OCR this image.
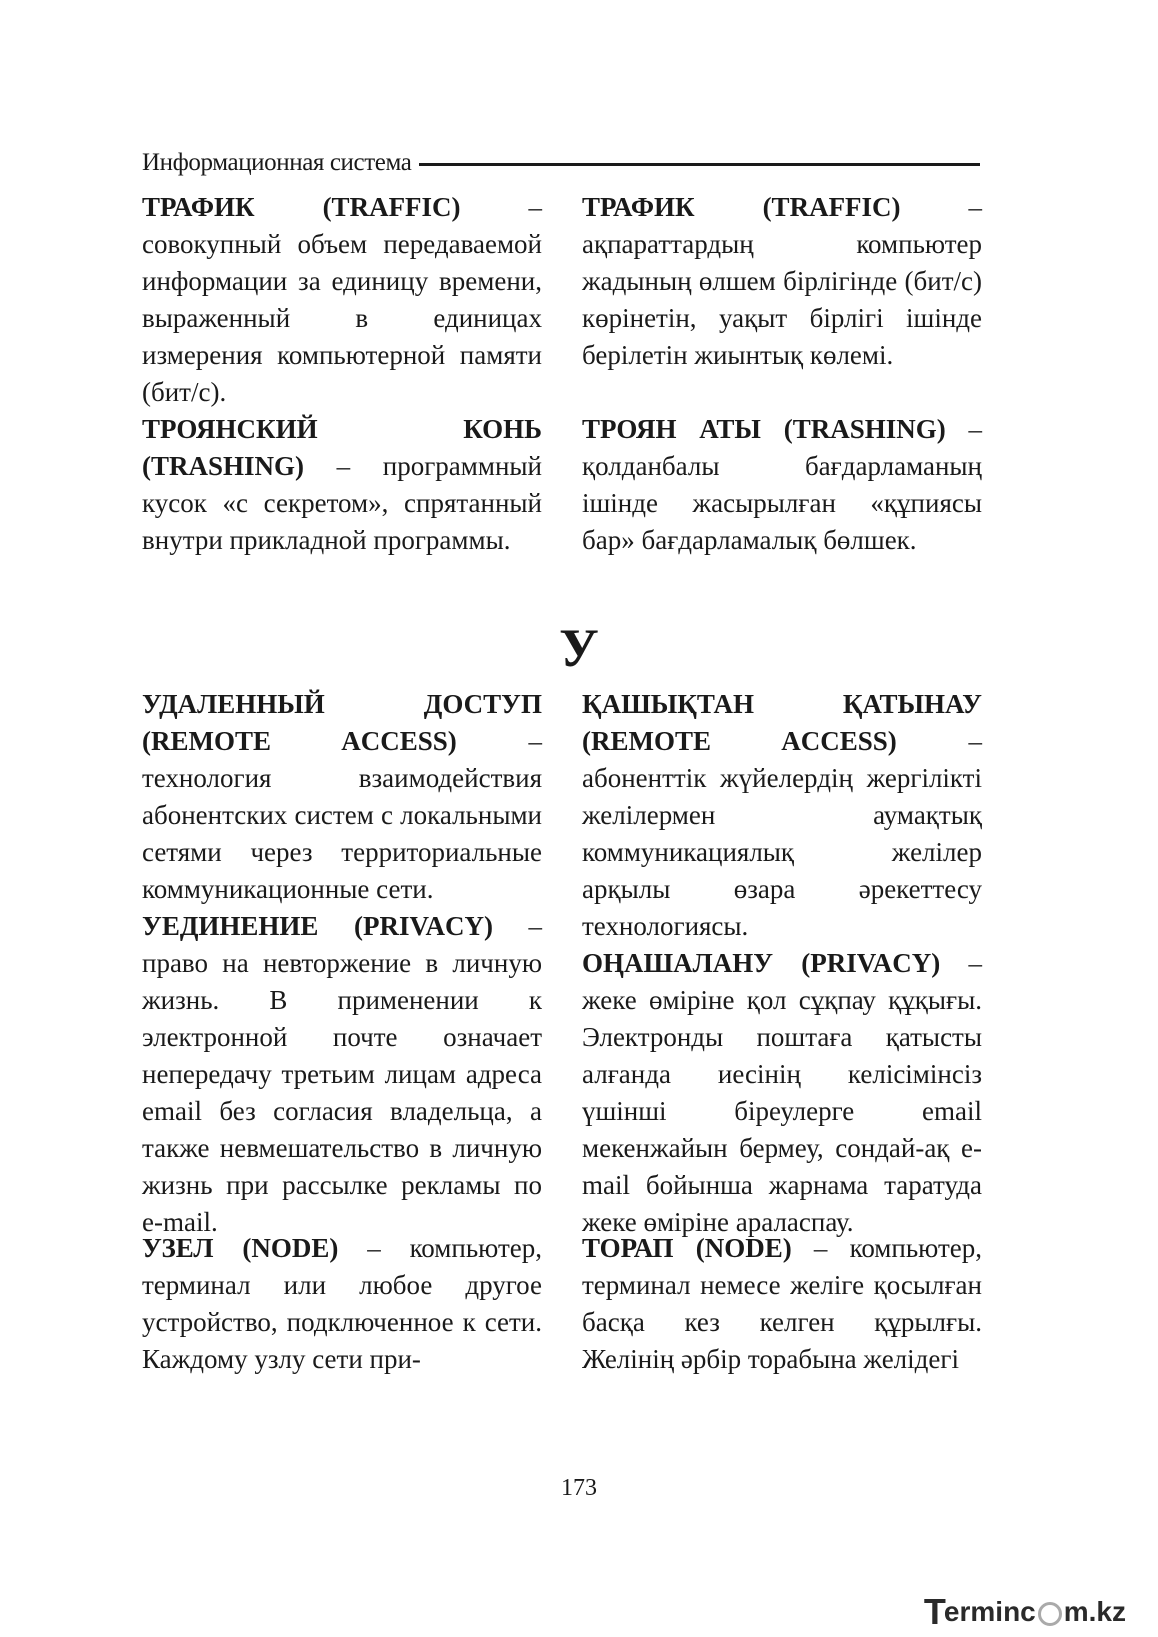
Информационная система

ТРАФИК (TRAFFIC) – совокупный объем передаваемой информации за единицу времени, выраженный в единицах измерения компьютерной памяти (бит/с).

ТРОЯНСКИЙ КОНЬ (TRASHING) – программный кусок «с секретом», спрятанный внутри прикладной программы.

ТРАФИК (TRAFFIC) – ақпараттардың компьютер жадының өлшем бірлігінде (бит/с) көрінетін, уақыт бірлігі ішінде берілетін жиынтық көлемі.

ТРОЯН АТЫ (TRASHING) – қолданбалы бағдарламаның ішінде жасырылған «құпиясы бар» бағдарламалық бөлшек.

У

УДАЛЕННЫЙ ДОСТУП (REMOTE ACCESS) – технология взаимодействия абонентских систем с локальными сетями через территориальные коммуникационные сети.

УЕДИНЕНИЕ (PRIVACY) – право на невторжение в личную жизнь. В применении к электронной почте означает непередачу третьим лицам адреса email без согласия владельца, а также невмешательство в личную жизнь при рассылке рекламы по e-mail.

ҚАШЫҚТАН ҚАТЫНАУ (REMOTE ACCESS) – абоненттік жүйелердің жергілікті желілермен аумақтық коммуникациялық желілер арқылы өзара әрекеттесу технологиясы.

ОҢАШАЛАНУ (PRIVACY) – жеке өміріне қол сұқпау құқығы. Электронды поштаға қатысты алғанда иесінің келісімінсіз үшінші біреулерге email мекенжайын бермеу, сондай-ақ e-mail бойынша жарнама таратуда жеке өміріне араласпау.

УЗЕЛ (NODE) – компьютер, терминал или любое другое устройство, подключенное к сети. Каждому узлу сети при-

ТОРАП (NODE) – компьютер, терминал немесе желіге қосылған басқа кез келген құрылғы. Желінің әрбір торабына желідегі

173
T
erminc m.kz
